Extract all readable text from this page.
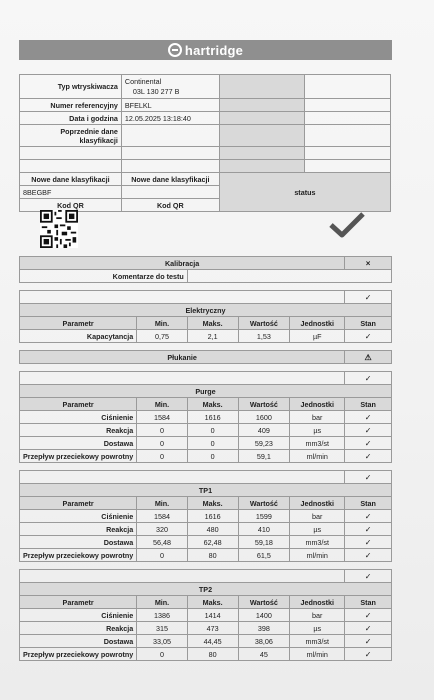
hartridge
Typ wtryskiwacza	Continental
03L 130 277 B		

Numer referencyjny	BFELKL		
Data i godzina	12.05.2025 13:18:40		
Poprzednie dane klasyfikacji			

Nowe dane klasyfikacji	Nowe dane klasyfikacji	status	
8BEGBF			
Kod QR	Kod QR		
Kalibracja					×
Komentarze do testu					

					✓
Elektryczny					
Parametr	Min.	Maks.	Wartość	Jednostki	Stan
Kapacytancja	0,75	2,1	1,53	µF	✓

Płukanie					⚠

					✓
Purge					
Parametr	Min.	Maks.	Wartość	Jednostki	Stan
Ciśnienie	1584	1616	1600	bar	✓
Reakcja	0	0	409	µs	✓
Dostawa	0	0	59,23	mm3/st	✓
Przepływ przeciekowy powrotny	0	0	59,1	ml/min	✓

					✓
TP1					
Parametr	Min.	Maks.	Wartość	Jednostki	Stan
Ciśnienie	1584	1616	1599	bar	✓
Reakcja	320	480	410	µs	✓
Dostawa	56,48	62,48	59,18	mm3/st	✓
Przepływ przeciekowy powrotny	0	80	61,5	ml/min	✓

					✓
TP2					
Parametr	Min.	Maks.	Wartość	Jednostki	Stan
Ciśnienie	1386	1414	1400	bar	✓
Reakcja	315	473	398	µs	✓
Dostawa	33,05	44,45	38,06	mm3/st	✓
Przepływ przeciekowy powrotny	0	80	45	ml/min	✓
